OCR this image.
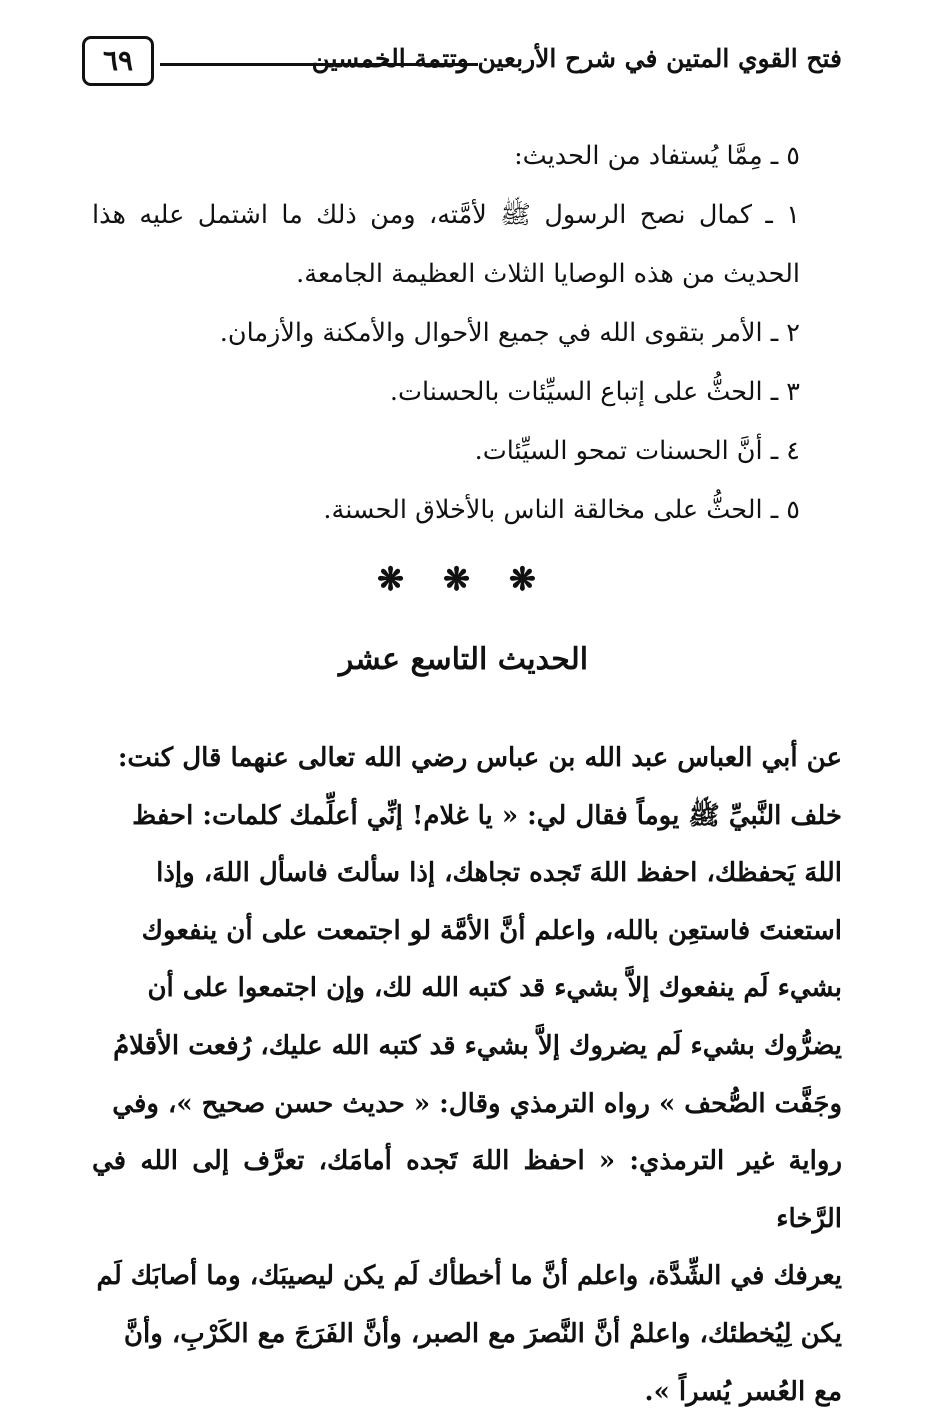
٦٩	فتح القوي المتين في شرح الأربعين وتتمة الخمسين

٥ ـ مِمَّا يُستفاد من الحديث:

١ ـ كمال نصح الرسول ﷺ لأمَّته، ومن ذلك ما اشتمل عليه هذا الحديث من هذه الوصايا الثلاث العظيمة الجامعة.

٢ ـ الأمر بتقوى الله في جميع الأحوال والأمكنة والأزمان.

٣ ـ الحثُّ على إتباع السيِّئات بالحسنات.

٤ ـ أنَّ الحسنات تمحو السيِّئات.

٥ ـ الحثُّ على مخالقة الناس بالأخلاق الحسنة.

❋ ❋ ❋
الحديث التاسع عشر
عن أبي العباس عبد الله بن عباس رضي الله تعالى عنهما قال كنت:
خلف النَّبيِّ ﷺ يوماً فقال لي: « يا غلام! إنِّي أعلِّمك كلمات: احفظ
اللهَ يَحفظك، احفظ اللهَ تَجده تجاهك، إذا سألتَ فاسأل اللهَ، وإذا
استعنتَ فاستعِن بالله، واعلم أنَّ الأمَّة لو اجتمعت على أن ينفعوك
بشيء لَم ينفعوك إلاَّ بشيء قد كتبه الله لك، وإن اجتمعوا على أن
يضرُّوك بشيء لَم يضروك إلاَّ بشيء قد كتبه الله عليك، رُفعت الأقلامُ
وجَفَّت الصُّحف » رواه الترمذي وقال: « حديث حسن صحيح »، وفي
رواية غير الترمذي: « احفظ اللهَ تَجده أمامَك، تعرَّف إلى الله في الرَّخاء
يعرفك في الشِّدَّة، واعلم أنَّ ما أخطأك لَم يكن ليصيبَك، وما أصابَك لَم
يكن لِيُخطئك، واعلمْ أنَّ النَّصرَ مع الصبر، وأنَّ الفَرَجَ مع الكَرْبِ، وأنَّ
مع العُسر يُسراً ».
